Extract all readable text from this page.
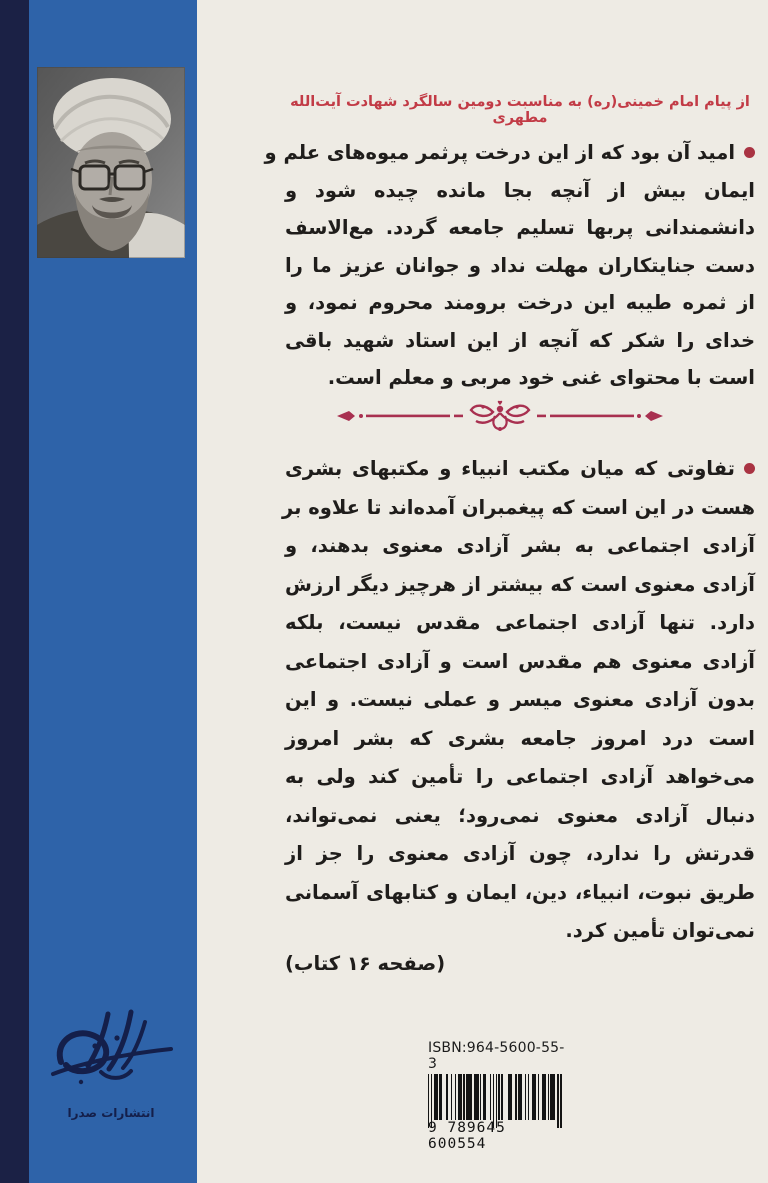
انتشارات صدرا
از پیام امام خمینی(ره) به مناسبت دومین سالگرد شهادت آیت‌الله مطهری
امید آن بود که از این درخت پرثمر میوه‌های علم و
ایمان بیش از آنچه بجا مانده چیده شود و
دانشمندانی پربها تسلیم جامعه گردد. مع‌الاسف
دست جنایتکاران مهلت نداد و جوانان عزیز ما را
از ثمره طیبه این درخت برومند محروم نمود، و
خدای را شکر که آنچه از این استاد شهید باقی
است با محتوای غنی خود مربی و معلم است.
تفاوتی که میان مکتب انبیاء و مکتبهای بشری
هست در این است که پیغمبران آمده‌اند تا علاوه بر
آزادی اجتماعی به بشر آزادی معنوی بدهند، و
آزادی معنوی است که بیشتر از هرچیز دیگر ارزش
دارد. تنها آزادی اجتماعی مقدس نیست، بلکه
آزادی معنوی هم مقدس است و آزادی اجتماعی
بدون آزادی معنوی میسر و عملی نیست. و این
است درد امروز جامعه بشری که بشر امروز
می‌خواهد آزادی اجتماعی را تأمین کند ولی به
دنبال آزادی معنوی نمی‌رود؛ یعنی نمی‌تواند،
قدرتش را ندارد، چون آزادی معنوی را جز از
طریق نبوت، انبیاء، دین، ایمان و کتابهای آسمانی
نمی‌توان تأمین کرد.
(صفحه ۱۶ کتاب)
ISBN:964-5600-55-3
9 789645 600554
